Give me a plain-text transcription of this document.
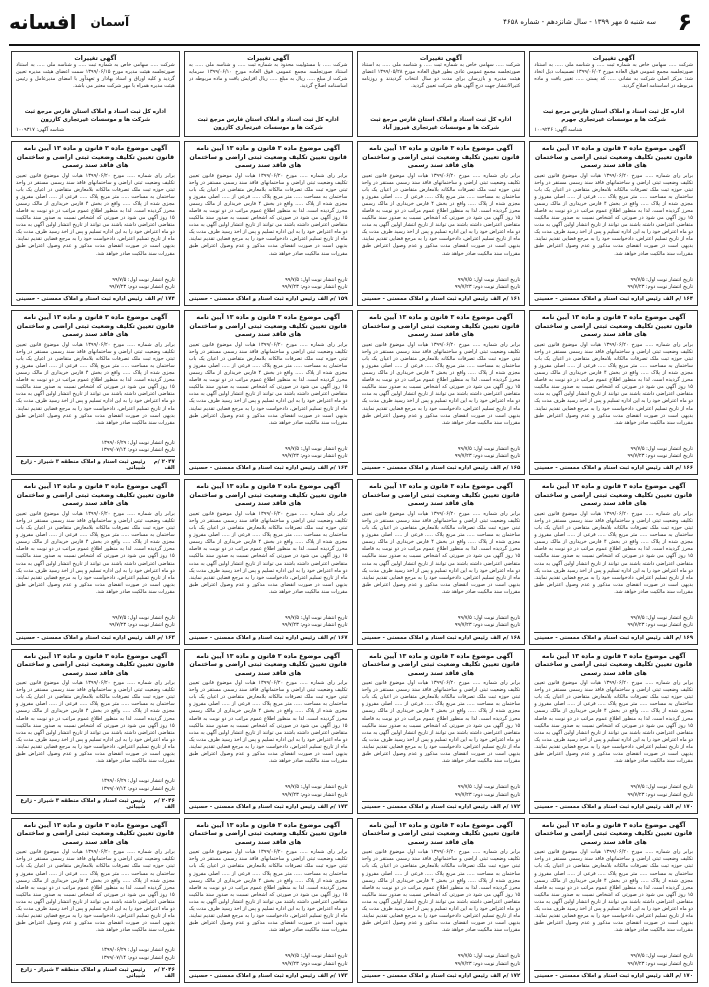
۶
سه شنبه ۵ مهر ۱۳۹۹ - سال شانزدهم - شماره ۴۶۵۸
آسمان
افسانه
آگهی تغییرات
شرکت ..... سهامی خاص به شماره ثبت ..... و شناسه ملی ..... به استناد صورتجلسه مجمع عمومی فوق العاده مورخ ۱۳۹۹/۰۶/۰۲ تصمیمات ذیل اتخاذ شد: مرکز اصلی شرکت به نشانی ..... کد پستی ..... تغییر یافت و ماده مربوطه در اساسنامه اصلاح گردید.
اداره کل ثبت اسناد و املاک استان فارس مرجع ثبت شرکت ها و موسسات غیرتجاری جهرم
شناسه آگهی: ۱۰۰۹۲۴۶
آگهی تغییرات
شرکت ..... سهامی خاص به شماره ثبت ..... و شناسه ملی ..... به استناد صورتجلسه مجمع عمومی عادی بطور فوق العاده مورخ ۱۳۹۹/۰۵/۲۸ اعضای هیئت مدیره و بازرسان برای مدت دو سال انتخاب گردیدند و روزنامه کثیرالانتشار جهت درج آگهی های شرکت تعیین گردید.
اداره کل ثبت اسناد و املاک استان فارس مرجع ثبت شرکت ها و موسسات غیرتجاری فیروز آباد
آگهی تغییرات
شرکت ..... با مسئولیت محدود به شماره ثبت ..... و شناسه ملی ..... به استناد صورتجلسه مجمع عمومی فوق العاده مورخ ۱۳۹۹/۰۶/۱۰ سرمایه شرکت از مبلغ ..... ریال به مبلغ ..... ریال افزایش یافت و ماده مربوطه در اساسنامه اصلاح گردید.
اداره کل ثبت اسناد و املاک استان فارس مرجع ثبت شرکت ها و موسسات غیرتجاری کازرون
آگهی تغییرات
شرکت ..... سهامی خاص به شماره ثبت ..... و شناسه ملی ..... به استناد صورتجلسه هیئت مدیره مورخ ۱۳۹۹/۰۶/۱۵ سمت اعضای هیئت مدیره تعیین گردید و کلیه اوراق و اسناد بهادار و تعهدآور با امضای مدیرعامل و رئیس هیئت مدیره همراه با مهر شرکت معتبر می باشد.
اداره کل ثبت اسناد و املاک استان فارس مرجع ثبت شرکت ها و موسسات غیرتجاری کازرون
شناسه آگهی: ۱۰۰۹۳۱۷
آگهی موضوع ماده ۳ قانون و ماده ۱۳ آیین نامه قانون تعیین تکلیف وضعیت ثبتی اراضی و ساختمان های فاقد سند رسمی
برابر رای شماره ..... مورخ ۱۳۹۹/۰۶/۲۰ هیات اول موضوع قانون تعیین تکلیف وضعیت ثبتی اراضی و ساختمانهای فاقد سند رسمی مستقر در واحد ثبتی حوزه ثبت ملک تصرفات مالکانه بلامعارض متقاضی در اعیان یک باب ساختمان به مساحت ..... متر مربع پلاک ..... فرعی از ..... اصلی مفروز و مجزی شده از پلاک ..... واقع در بخش ۴ فارس خریداری از مالک رسمی محرز گردیده است. لذا به منظور اطلاع عموم مراتب در دو نوبت به فاصله ۱۵ روز آگهی می شود در صورتی که اشخاص نسبت به صدور سند مالکیت متقاضی اعتراضی داشته باشند می توانند از تاریخ انتشار اولین آگهی به مدت دو ماه اعتراض خود را به این اداره تسلیم و پس از اخذ رسید ظرف مدت یک ماه از تاریخ تسلیم اعتراض، دادخواست خود را به مرجع قضایی تقدیم نمایند. بدیهی است در صورت انقضای مدت مذکور و عدم وصول اعتراض طبق مقررات سند مالکیت صادر خواهد شد.
تاریخ انتشار نوبت اول: ۹۹/۷/۵
تاریخ انتشار نوبت دوم: ۹۹/۷/۲۳
۱۶۴ /م الف
رئیس اداره ثبت اسناد و املاک ممسنی - حسینی
آگهی موضوع ماده ۳ قانون و ماده ۱۳ آیین نامه قانون تعیین تکلیف وضعیت ثبتی اراضی و ساختمان های فاقد سند رسمی
برابر رای شماره ..... مورخ ۱۳۹۹/۰۶/۲۰ هیات اول موضوع قانون تعیین تکلیف وضعیت ثبتی اراضی و ساختمانهای فاقد سند رسمی مستقر در واحد ثبتی حوزه ثبت ملک تصرفات مالکانه بلامعارض متقاضی در اعیان یک باب ساختمان به مساحت ..... متر مربع پلاک ..... فرعی از ..... اصلی مفروز و مجزی شده از پلاک ..... واقع در بخش ۴ فارس خریداری از مالک رسمی محرز گردیده است. لذا به منظور اطلاع عموم مراتب در دو نوبت به فاصله ۱۵ روز آگهی می شود در صورتی که اشخاص نسبت به صدور سند مالکیت متقاضی اعتراضی داشته باشند می توانند از تاریخ انتشار اولین آگهی به مدت دو ماه اعتراض خود را به این اداره تسلیم و پس از اخذ رسید ظرف مدت یک ماه از تاریخ تسلیم اعتراض، دادخواست خود را به مرجع قضایی تقدیم نمایند. بدیهی است در صورت انقضای مدت مذکور و عدم وصول اعتراض طبق مقررات سند مالکیت صادر خواهد شد.
تاریخ انتشار نوبت اول: ۹۹/۷/۵
تاریخ انتشار نوبت دوم: ۹۹/۷/۲۳
۱۶۱ /م الف
رئیس اداره ثبت اسناد و املاک ممسنی - حسینی
آگهی موضوع ماده ۳ قانون و ماده ۱۳ آیین نامه قانون تعیین تکلیف وضعیت ثبتی اراضی و ساختمان های فاقد سند رسمی
برابر رای شماره ..... مورخ ۱۳۹۹/۰۶/۲۰ هیات اول موضوع قانون تعیین تکلیف وضعیت ثبتی اراضی و ساختمانهای فاقد سند رسمی مستقر در واحد ثبتی حوزه ثبت ملک تصرفات مالکانه بلامعارض متقاضی در اعیان یک باب ساختمان به مساحت ..... متر مربع پلاک ..... فرعی از ..... اصلی مفروز و مجزی شده از پلاک ..... واقع در بخش ۴ فارس خریداری از مالک رسمی محرز گردیده است. لذا به منظور اطلاع عموم مراتب در دو نوبت به فاصله ۱۵ روز آگهی می شود در صورتی که اشخاص نسبت به صدور سند مالکیت متقاضی اعتراضی داشته باشند می توانند از تاریخ انتشار اولین آگهی به مدت دو ماه اعتراض خود را به این اداره تسلیم و پس از اخذ رسید ظرف مدت یک ماه از تاریخ تسلیم اعتراض، دادخواست خود را به مرجع قضایی تقدیم نمایند. بدیهی است در صورت انقضای مدت مذکور و عدم وصول اعتراض طبق مقررات سند مالکیت صادر خواهد شد.
تاریخ انتشار نوبت اول: ۹۹/۷/۵
تاریخ انتشار نوبت دوم: ۹۹/۷/۲۳
۱۵۹ /م الف
رئیس اداره ثبت اسناد و املاک ممسنی - حسینی
آگهی موضوع ماده ۳ قانون و ماده ۱۳ آیین نامه قانون تعیین تکلیف وضعیت ثبتی اراضی و ساختمان های فاقد سند رسمی
برابر رای شماره ..... مورخ ۱۳۹۹/۰۶/۲۰ هیات اول موضوع قانون تعیین تکلیف وضعیت ثبتی اراضی و ساختمانهای فاقد سند رسمی مستقر در واحد ثبتی حوزه ثبت ملک تصرفات مالکانه بلامعارض متقاضی در اعیان یک باب ساختمان به مساحت ..... متر مربع پلاک ..... فرعی از ..... اصلی مفروز و مجزی شده از پلاک ..... واقع در بخش ۴ فارس خریداری از مالک رسمی محرز گردیده است. لذا به منظور اطلاع عموم مراتب در دو نوبت به فاصله ۱۵ روز آگهی می شود در صورتی که اشخاص نسبت به صدور سند مالکیت متقاضی اعتراضی داشته باشند می توانند از تاریخ انتشار اولین آگهی به مدت دو ماه اعتراض خود را به این اداره تسلیم و پس از اخذ رسید ظرف مدت یک ماه از تاریخ تسلیم اعتراض، دادخواست خود را به مرجع قضایی تقدیم نمایند. بدیهی است در صورت انقضای مدت مذکور و عدم وصول اعتراض طبق مقررات سند مالکیت صادر خواهد شد.
تاریخ انتشار نوبت اول: ۹۹/۷/۵
تاریخ انتشار نوبت دوم: ۹۹/۷/۲۳
۱۷۴ /م الف
رئیس اداره ثبت اسناد و املاک ممسنی - حسینی
آگهی موضوع ماده ۳ قانون و ماده ۱۳ آیین نامه قانون تعیین تکلیف وضعیت ثبتی اراضی و ساختمان های فاقد سند رسمی
برابر رای شماره ..... مورخ ۱۳۹۹/۰۶/۲۰ هیات اول موضوع قانون تعیین تکلیف وضعیت ثبتی اراضی و ساختمانهای فاقد سند رسمی مستقر در واحد ثبتی حوزه ثبت ملک تصرفات مالکانه بلامعارض متقاضی در اعیان یک باب ساختمان به مساحت ..... متر مربع پلاک ..... فرعی از ..... اصلی مفروز و مجزی شده از پلاک ..... واقع در بخش ۴ فارس خریداری از مالک رسمی محرز گردیده است. لذا به منظور اطلاع عموم مراتب در دو نوبت به فاصله ۱۵ روز آگهی می شود در صورتی که اشخاص نسبت به صدور سند مالکیت متقاضی اعتراضی داشته باشند می توانند از تاریخ انتشار اولین آگهی به مدت دو ماه اعتراض خود را به این اداره تسلیم و پس از اخذ رسید ظرف مدت یک ماه از تاریخ تسلیم اعتراض، دادخواست خود را به مرجع قضایی تقدیم نمایند. بدیهی است در صورت انقضای مدت مذکور و عدم وصول اعتراض طبق مقررات سند مالکیت صادر خواهد شد.
تاریخ انتشار نوبت اول: ۹۹/۷/۵
تاریخ انتشار نوبت دوم: ۹۹/۷/۲۳
۱۶۶ /م الف
رئیس اداره ثبت اسناد و املاک ممسنی - حسینی
آگهی موضوع ماده ۳ قانون و ماده ۱۳ آیین نامه قانون تعیین تکلیف وضعیت ثبتی اراضی و ساختمان های فاقد سند رسمی
برابر رای شماره ..... مورخ ۱۳۹۹/۰۶/۲۰ هیات اول موضوع قانون تعیین تکلیف وضعیت ثبتی اراضی و ساختمانهای فاقد سند رسمی مستقر در واحد ثبتی حوزه ثبت ملک تصرفات مالکانه بلامعارض متقاضی در اعیان یک باب ساختمان به مساحت ..... متر مربع پلاک ..... فرعی از ..... اصلی مفروز و مجزی شده از پلاک ..... واقع در بخش ۴ فارس خریداری از مالک رسمی محرز گردیده است. لذا به منظور اطلاع عموم مراتب در دو نوبت به فاصله ۱۵ روز آگهی می شود در صورتی که اشخاص نسبت به صدور سند مالکیت متقاضی اعتراضی داشته باشند می توانند از تاریخ انتشار اولین آگهی به مدت دو ماه اعتراض خود را به این اداره تسلیم و پس از اخذ رسید ظرف مدت یک ماه از تاریخ تسلیم اعتراض، دادخواست خود را به مرجع قضایی تقدیم نمایند. بدیهی است در صورت انقضای مدت مذکور و عدم وصول اعتراض طبق مقررات سند مالکیت صادر خواهد شد.
تاریخ انتشار نوبت اول: ۹۹/۷/۵
تاریخ انتشار نوبت دوم: ۹۹/۷/۲۳
۱۶۵ /م الف
رئیس اداره ثبت اسناد و املاک ممسنی - حسینی
آگهی موضوع ماده ۳ قانون و ماده ۱۳ آیین نامه قانون تعیین تکلیف وضعیت ثبتی اراضی و ساختمان های فاقد سند رسمی
برابر رای شماره ..... مورخ ۱۳۹۹/۰۶/۲۰ هیات اول موضوع قانون تعیین تکلیف وضعیت ثبتی اراضی و ساختمانهای فاقد سند رسمی مستقر در واحد ثبتی حوزه ثبت ملک تصرفات مالکانه بلامعارض متقاضی در اعیان یک باب ساختمان به مساحت ..... متر مربع پلاک ..... فرعی از ..... اصلی مفروز و مجزی شده از پلاک ..... واقع در بخش ۴ فارس خریداری از مالک رسمی محرز گردیده است. لذا به منظور اطلاع عموم مراتب در دو نوبت به فاصله ۱۵ روز آگهی می شود در صورتی که اشخاص نسبت به صدور سند مالکیت متقاضی اعتراضی داشته باشند می توانند از تاریخ انتشار اولین آگهی به مدت دو ماه اعتراض خود را به این اداره تسلیم و پس از اخذ رسید ظرف مدت یک ماه از تاریخ تسلیم اعتراض، دادخواست خود را به مرجع قضایی تقدیم نمایند. بدیهی است در صورت انقضای مدت مذکور و عدم وصول اعتراض طبق مقررات سند مالکیت صادر خواهد شد.
تاریخ انتشار نوبت اول: ۹۹/۷/۵
تاریخ انتشار نوبت دوم: ۹۹/۷/۲۳
۱۶۴ /م الف
رئیس اداره ثبت اسناد و املاک ممسنی - حسینی
آگهی موضوع ماده ۳ قانون و ماده ۱۳ آیین نامه قانون تعیین تکلیف وضعیت ثبتی اراضی و ساختمان های فاقد سند رسمی
برابر رای شماره ..... مورخ ۱۳۹۹/۰۶/۲۰ هیات اول موضوع قانون تعیین تکلیف وضعیت ثبتی اراضی و ساختمانهای فاقد سند رسمی مستقر در واحد ثبتی حوزه ثبت ملک تصرفات مالکانه بلامعارض متقاضی در اعیان یک باب ساختمان به مساحت ..... متر مربع پلاک ..... فرعی از ..... اصلی مفروز و مجزی شده از پلاک ..... واقع در بخش ۴ فارس خریداری از مالک رسمی محرز گردیده است. لذا به منظور اطلاع عموم مراتب در دو نوبت به فاصله ۱۵ روز آگهی می شود در صورتی که اشخاص نسبت به صدور سند مالکیت متقاضی اعتراضی داشته باشند می توانند از تاریخ انتشار اولین آگهی به مدت دو ماه اعتراض خود را به این اداره تسلیم و پس از اخذ رسید ظرف مدت یک ماه از تاریخ تسلیم اعتراض، دادخواست خود را به مرجع قضایی تقدیم نمایند. بدیهی است در صورت انقضای مدت مذکور و عدم وصول اعتراض طبق مقررات سند مالکیت صادر خواهد شد.
تاریخ انتشار نوبت اول: ۱۳۹۹/۰۶/۲۹
تاریخ انتشار نوبت دوم: ۱۳۹۹/۰۷/۱۴
۲۰۴۷ /م الف
رئیس ثبت اسناد و املاک منطقه ۳ شیراز - زارع شیبانی
آگهی موضوع ماده ۳ قانون و ماده ۱۳ آیین نامه قانون تعیین تکلیف وضعیت ثبتی اراضی و ساختمان های فاقد سند رسمی
برابر رای شماره ..... مورخ ۱۳۹۹/۰۶/۲۰ هیات اول موضوع قانون تعیین تکلیف وضعیت ثبتی اراضی و ساختمانهای فاقد سند رسمی مستقر در واحد ثبتی حوزه ثبت ملک تصرفات مالکانه بلامعارض متقاضی در اعیان یک باب ساختمان به مساحت ..... متر مربع پلاک ..... فرعی از ..... اصلی مفروز و مجزی شده از پلاک ..... واقع در بخش ۴ فارس خریداری از مالک رسمی محرز گردیده است. لذا به منظور اطلاع عموم مراتب در دو نوبت به فاصله ۱۵ روز آگهی می شود در صورتی که اشخاص نسبت به صدور سند مالکیت متقاضی اعتراضی داشته باشند می توانند از تاریخ انتشار اولین آگهی به مدت دو ماه اعتراض خود را به این اداره تسلیم و پس از اخذ رسید ظرف مدت یک ماه از تاریخ تسلیم اعتراض، دادخواست خود را به مرجع قضایی تقدیم نمایند. بدیهی است در صورت انقضای مدت مذکور و عدم وصول اعتراض طبق مقررات سند مالکیت صادر خواهد شد.
تاریخ انتشار نوبت اول: ۹۹/۷/۵
تاریخ انتشار نوبت دوم: ۹۹/۷/۲۳
۱۶۹ /م الف
رئیس اداره ثبت اسناد و املاک ممسنی - حسینی
آگهی موضوع ماده ۳ قانون و ماده ۱۳ آیین نامه قانون تعیین تکلیف وضعیت ثبتی اراضی و ساختمان های فاقد سند رسمی
برابر رای شماره ..... مورخ ۱۳۹۹/۰۶/۲۰ هیات اول موضوع قانون تعیین تکلیف وضعیت ثبتی اراضی و ساختمانهای فاقد سند رسمی مستقر در واحد ثبتی حوزه ثبت ملک تصرفات مالکانه بلامعارض متقاضی در اعیان یک باب ساختمان به مساحت ..... متر مربع پلاک ..... فرعی از ..... اصلی مفروز و مجزی شده از پلاک ..... واقع در بخش ۴ فارس خریداری از مالک رسمی محرز گردیده است. لذا به منظور اطلاع عموم مراتب در دو نوبت به فاصله ۱۵ روز آگهی می شود در صورتی که اشخاص نسبت به صدور سند مالکیت متقاضی اعتراضی داشته باشند می توانند از تاریخ انتشار اولین آگهی به مدت دو ماه اعتراض خود را به این اداره تسلیم و پس از اخذ رسید ظرف مدت یک ماه از تاریخ تسلیم اعتراض، دادخواست خود را به مرجع قضایی تقدیم نمایند. بدیهی است در صورت انقضای مدت مذکور و عدم وصول اعتراض طبق مقررات سند مالکیت صادر خواهد شد.
تاریخ انتشار نوبت اول: ۹۹/۷/۵
تاریخ انتشار نوبت دوم: ۹۹/۷/۲۳
۱۶۸ /م الف
رئیس اداره ثبت اسناد و املاک ممسنی - حسینی
آگهی موضوع ماده ۳ قانون و ماده ۱۳ آیین نامه قانون تعیین تکلیف وضعیت ثبتی اراضی و ساختمان های فاقد سند رسمی
برابر رای شماره ..... مورخ ۱۳۹۹/۰۶/۲۰ هیات اول موضوع قانون تعیین تکلیف وضعیت ثبتی اراضی و ساختمانهای فاقد سند رسمی مستقر در واحد ثبتی حوزه ثبت ملک تصرفات مالکانه بلامعارض متقاضی در اعیان یک باب ساختمان به مساحت ..... متر مربع پلاک ..... فرعی از ..... اصلی مفروز و مجزی شده از پلاک ..... واقع در بخش ۴ فارس خریداری از مالک رسمی محرز گردیده است. لذا به منظور اطلاع عموم مراتب در دو نوبت به فاصله ۱۵ روز آگهی می شود در صورتی که اشخاص نسبت به صدور سند مالکیت متقاضی اعتراضی داشته باشند می توانند از تاریخ انتشار اولین آگهی به مدت دو ماه اعتراض خود را به این اداره تسلیم و پس از اخذ رسید ظرف مدت یک ماه از تاریخ تسلیم اعتراض، دادخواست خود را به مرجع قضایی تقدیم نمایند. بدیهی است در صورت انقضای مدت مذکور و عدم وصول اعتراض طبق مقررات سند مالکیت صادر خواهد شد.
تاریخ انتشار نوبت اول: ۹۹/۷/۵
تاریخ انتشار نوبت دوم: ۹۹/۷/۲۳
۱۶۷ /م الف
رئیس اداره ثبت اسناد و املاک ممسنی - حسینی
آگهی موضوع ماده ۳ قانون و ماده ۱۳ آیین نامه قانون تعیین تکلیف وضعیت ثبتی اراضی و ساختمان های فاقد سند رسمی
برابر رای شماره ..... مورخ ۱۳۹۹/۰۶/۲۰ هیات اول موضوع قانون تعیین تکلیف وضعیت ثبتی اراضی و ساختمانهای فاقد سند رسمی مستقر در واحد ثبتی حوزه ثبت ملک تصرفات مالکانه بلامعارض متقاضی در اعیان یک باب ساختمان به مساحت ..... متر مربع پلاک ..... فرعی از ..... اصلی مفروز و مجزی شده از پلاک ..... واقع در بخش ۴ فارس خریداری از مالک رسمی محرز گردیده است. لذا به منظور اطلاع عموم مراتب در دو نوبت به فاصله ۱۵ روز آگهی می شود در صورتی که اشخاص نسبت به صدور سند مالکیت متقاضی اعتراضی داشته باشند می توانند از تاریخ انتشار اولین آگهی به مدت دو ماه اعتراض خود را به این اداره تسلیم و پس از اخذ رسید ظرف مدت یک ماه از تاریخ تسلیم اعتراض، دادخواست خود را به مرجع قضایی تقدیم نمایند. بدیهی است در صورت انقضای مدت مذکور و عدم وصول اعتراض طبق مقررات سند مالکیت صادر خواهد شد.
تاریخ انتشار نوبت اول: ۹۹/۷/۵
تاریخ انتشار نوبت دوم: ۹۹/۷/۲۳
۱۶۳ /م الف
رئیس اداره ثبت اسناد و املاک ممسنی - حسینی
آگهی موضوع ماده ۳ قانون و ماده ۱۳ آیین نامه قانون تعیین تکلیف وضعیت ثبتی اراضی و ساختمان های فاقد سند رسمی
برابر رای شماره ..... مورخ ۱۳۹۹/۰۶/۲۰ هیات اول موضوع قانون تعیین تکلیف وضعیت ثبتی اراضی و ساختمانهای فاقد سند رسمی مستقر در واحد ثبتی حوزه ثبت ملک تصرفات مالکانه بلامعارض متقاضی در اعیان یک باب ساختمان به مساحت ..... متر مربع پلاک ..... فرعی از ..... اصلی مفروز و مجزی شده از پلاک ..... واقع در بخش ۴ فارس خریداری از مالک رسمی محرز گردیده است. لذا به منظور اطلاع عموم مراتب در دو نوبت به فاصله ۱۵ روز آگهی می شود در صورتی که اشخاص نسبت به صدور سند مالکیت متقاضی اعتراضی داشته باشند می توانند از تاریخ انتشار اولین آگهی به مدت دو ماه اعتراض خود را به این اداره تسلیم و پس از اخذ رسید ظرف مدت یک ماه از تاریخ تسلیم اعتراض، دادخواست خود را به مرجع قضایی تقدیم نمایند. بدیهی است در صورت انقضای مدت مذکور و عدم وصول اعتراض طبق مقررات سند مالکیت صادر خواهد شد.
تاریخ انتشار نوبت اول: ۹۹/۷/۵
تاریخ انتشار نوبت دوم: ۹۹/۷/۲۳
۱۷۰ /م الف
رئیس اداره ثبت اسناد و املاک ممسنی - حسینی
آگهی موضوع ماده ۳ قانون و ماده ۱۳ آیین نامه قانون تعیین تکلیف وضعیت ثبتی اراضی و ساختمان های فاقد سند رسمی
برابر رای شماره ..... مورخ ۱۳۹۹/۰۶/۲۰ هیات اول موضوع قانون تعیین تکلیف وضعیت ثبتی اراضی و ساختمانهای فاقد سند رسمی مستقر در واحد ثبتی حوزه ثبت ملک تصرفات مالکانه بلامعارض متقاضی در اعیان یک باب ساختمان به مساحت ..... متر مربع پلاک ..... فرعی از ..... اصلی مفروز و مجزی شده از پلاک ..... واقع در بخش ۴ فارس خریداری از مالک رسمی محرز گردیده است. لذا به منظور اطلاع عموم مراتب در دو نوبت به فاصله ۱۵ روز آگهی می شود در صورتی که اشخاص نسبت به صدور سند مالکیت متقاضی اعتراضی داشته باشند می توانند از تاریخ انتشار اولین آگهی به مدت دو ماه اعتراض خود را به این اداره تسلیم و پس از اخذ رسید ظرف مدت یک ماه از تاریخ تسلیم اعتراض، دادخواست خود را به مرجع قضایی تقدیم نمایند. بدیهی است در صورت انقضای مدت مذکور و عدم وصول اعتراض طبق مقررات سند مالکیت صادر خواهد شد.
تاریخ انتشار نوبت اول: ۹۹/۷/۵
تاریخ انتشار نوبت دوم: ۹۹/۷/۲۳
۱۷۲ /م الف
رئیس اداره ثبت اسناد و املاک ممسنی - حسینی
آگهی موضوع ماده ۳ قانون و ماده ۱۳ آیین نامه قانون تعیین تکلیف وضعیت ثبتی اراضی و ساختمان های فاقد سند رسمی
برابر رای شماره ..... مورخ ۱۳۹۹/۰۶/۲۰ هیات اول موضوع قانون تعیین تکلیف وضعیت ثبتی اراضی و ساختمانهای فاقد سند رسمی مستقر در واحد ثبتی حوزه ثبت ملک تصرفات مالکانه بلامعارض متقاضی در اعیان یک باب ساختمان به مساحت ..... متر مربع پلاک ..... فرعی از ..... اصلی مفروز و مجزی شده از پلاک ..... واقع در بخش ۴ فارس خریداری از مالک رسمی محرز گردیده است. لذا به منظور اطلاع عموم مراتب در دو نوبت به فاصله ۱۵ روز آگهی می شود در صورتی که اشخاص نسبت به صدور سند مالکیت متقاضی اعتراضی داشته باشند می توانند از تاریخ انتشار اولین آگهی به مدت دو ماه اعتراض خود را به این اداره تسلیم و پس از اخذ رسید ظرف مدت یک ماه از تاریخ تسلیم اعتراض، دادخواست خود را به مرجع قضایی تقدیم نمایند. بدیهی است در صورت انقضای مدت مذکور و عدم وصول اعتراض طبق مقررات سند مالکیت صادر خواهد شد.
تاریخ انتشار نوبت اول: ۹۹/۷/۵
تاریخ انتشار نوبت دوم: ۹۹/۷/۲۳
۱۷۳ /م الف
رئیس اداره ثبت اسناد و املاک ممسنی - حسینی
آگهی موضوع ماده ۳ قانون و ماده ۱۳ آیین نامه قانون تعیین تکلیف وضعیت ثبتی اراضی و ساختمان های فاقد سند رسمی
برابر رای شماره ..... مورخ ۱۳۹۹/۰۶/۲۰ هیات اول موضوع قانون تعیین تکلیف وضعیت ثبتی اراضی و ساختمانهای فاقد سند رسمی مستقر در واحد ثبتی حوزه ثبت ملک تصرفات مالکانه بلامعارض متقاضی در اعیان یک باب ساختمان به مساحت ..... متر مربع پلاک ..... فرعی از ..... اصلی مفروز و مجزی شده از پلاک ..... واقع در بخش ۴ فارس خریداری از مالک رسمی محرز گردیده است. لذا به منظور اطلاع عموم مراتب در دو نوبت به فاصله ۱۵ روز آگهی می شود در صورتی که اشخاص نسبت به صدور سند مالکیت متقاضی اعتراضی داشته باشند می توانند از تاریخ انتشار اولین آگهی به مدت دو ماه اعتراض خود را به این اداره تسلیم و پس از اخذ رسید ظرف مدت یک ماه از تاریخ تسلیم اعتراض، دادخواست خود را به مرجع قضایی تقدیم نمایند. بدیهی است در صورت انقضای مدت مذکور و عدم وصول اعتراض طبق مقررات سند مالکیت صادر خواهد شد.
تاریخ انتشار نوبت اول: ۱۳۹۹/۰۶/۲۹
تاریخ انتشار نوبت دوم: ۱۳۹۹/۰۷/۱۴
۲۰۴۶ /م الف
رئیس ثبت اسناد و املاک منطقه ۳ شیراز - زارع شیبانی
آگهی موضوع ماده ۳ قانون و ماده ۱۳ آیین نامه قانون تعیین تکلیف وضعیت ثبتی اراضی و ساختمان های فاقد سند رسمی
برابر رای شماره ..... مورخ ۱۳۹۹/۰۶/۲۰ هیات اول موضوع قانون تعیین تکلیف وضعیت ثبتی اراضی و ساختمانهای فاقد سند رسمی مستقر در واحد ثبتی حوزه ثبت ملک تصرفات مالکانه بلامعارض متقاضی در اعیان یک باب ساختمان به مساحت ..... متر مربع پلاک ..... فرعی از ..... اصلی مفروز و مجزی شده از پلاک ..... واقع در بخش ۴ فارس خریداری از مالک رسمی محرز گردیده است. لذا به منظور اطلاع عموم مراتب در دو نوبت به فاصله ۱۵ روز آگهی می شود در صورتی که اشخاص نسبت به صدور سند مالکیت متقاضی اعتراضی داشته باشند می توانند از تاریخ انتشار اولین آگهی به مدت دو ماه اعتراض خود را به این اداره تسلیم و پس از اخذ رسید ظرف مدت یک ماه از تاریخ تسلیم اعتراض، دادخواست خود را به مرجع قضایی تقدیم نمایند. بدیهی است در صورت انقضای مدت مذکور و عدم وصول اعتراض طبق مقررات سند مالکیت صادر خواهد شد.
تاریخ انتشار نوبت اول: ۹۹/۷/۵
تاریخ انتشار نوبت دوم: ۹۹/۷/۲۳
۱۷۰ /م الف
رئیس اداره ثبت اسناد و املاک ممسنی - حسینی
آگهی موضوع ماده ۳ قانون و ماده ۱۳ آیین نامه قانون تعیین تکلیف وضعیت ثبتی اراضی و ساختمان های فاقد سند رسمی
برابر رای شماره ..... مورخ ۱۳۹۹/۰۶/۲۰ هیات اول موضوع قانون تعیین تکلیف وضعیت ثبتی اراضی و ساختمانهای فاقد سند رسمی مستقر در واحد ثبتی حوزه ثبت ملک تصرفات مالکانه بلامعارض متقاضی در اعیان یک باب ساختمان به مساحت ..... متر مربع پلاک ..... فرعی از ..... اصلی مفروز و مجزی شده از پلاک ..... واقع در بخش ۴ فارس خریداری از مالک رسمی محرز گردیده است. لذا به منظور اطلاع عموم مراتب در دو نوبت به فاصله ۱۵ روز آگهی می شود در صورتی که اشخاص نسبت به صدور سند مالکیت متقاضی اعتراضی داشته باشند می توانند از تاریخ انتشار اولین آگهی به مدت دو ماه اعتراض خود را به این اداره تسلیم و پس از اخذ رسید ظرف مدت یک ماه از تاریخ تسلیم اعتراض، دادخواست خود را به مرجع قضایی تقدیم نمایند. بدیهی است در صورت انقضای مدت مذکور و عدم وصول اعتراض طبق مقررات سند مالکیت صادر خواهد شد.
تاریخ انتشار نوبت اول: ۹۹/۷/۵
تاریخ انتشار نوبت دوم: ۹۹/۷/۲۳
۱۷۲ /م الف
رئیس اداره ثبت اسناد و املاک ممسنی - حسینی
آگهی موضوع ماده ۳ قانون و ماده ۱۳ آیین نامه قانون تعیین تکلیف وضعیت ثبتی اراضی و ساختمان های فاقد سند رسمی
برابر رای شماره ..... مورخ ۱۳۹۹/۰۶/۲۰ هیات اول موضوع قانون تعیین تکلیف وضعیت ثبتی اراضی و ساختمانهای فاقد سند رسمی مستقر در واحد ثبتی حوزه ثبت ملک تصرفات مالکانه بلامعارض متقاضی در اعیان یک باب ساختمان به مساحت ..... متر مربع پلاک ..... فرعی از ..... اصلی مفروز و مجزی شده از پلاک ..... واقع در بخش ۴ فارس خریداری از مالک رسمی محرز گردیده است. لذا به منظور اطلاع عموم مراتب در دو نوبت به فاصله ۱۵ روز آگهی می شود در صورتی که اشخاص نسبت به صدور سند مالکیت متقاضی اعتراضی داشته باشند می توانند از تاریخ انتشار اولین آگهی به مدت دو ماه اعتراض خود را به این اداره تسلیم و پس از اخذ رسید ظرف مدت یک ماه از تاریخ تسلیم اعتراض، دادخواست خود را به مرجع قضایی تقدیم نمایند. بدیهی است در صورت انقضای مدت مذکور و عدم وصول اعتراض طبق مقررات سند مالکیت صادر خواهد شد.
تاریخ انتشار نوبت اول: ۹۹/۷/۵
تاریخ انتشار نوبت دوم: ۹۹/۷/۲۳
۱۷۳ /م الف
رئیس اداره ثبت اسناد و املاک ممسنی - حسینی
آگهی موضوع ماده ۳ قانون و ماده ۱۳ آیین نامه قانون تعیین تکلیف وضعیت ثبتی اراضی و ساختمان های فاقد سند رسمی
برابر رای شماره ..... مورخ ۱۳۹۹/۰۶/۲۰ هیات اول موضوع قانون تعیین تکلیف وضعیت ثبتی اراضی و ساختمانهای فاقد سند رسمی مستقر در واحد ثبتی حوزه ثبت ملک تصرفات مالکانه بلامعارض متقاضی در اعیان یک باب ساختمان به مساحت ..... متر مربع پلاک ..... فرعی از ..... اصلی مفروز و مجزی شده از پلاک ..... واقع در بخش ۴ فارس خریداری از مالک رسمی محرز گردیده است. لذا به منظور اطلاع عموم مراتب در دو نوبت به فاصله ۱۵ روز آگهی می شود در صورتی که اشخاص نسبت به صدور سند مالکیت متقاضی اعتراضی داشته باشند می توانند از تاریخ انتشار اولین آگهی به مدت دو ماه اعتراض خود را به این اداره تسلیم و پس از اخذ رسید ظرف مدت یک ماه از تاریخ تسلیم اعتراض، دادخواست خود را به مرجع قضایی تقدیم نمایند. بدیهی است در صورت انقضای مدت مذکور و عدم وصول اعتراض طبق مقررات سند مالکیت صادر خواهد شد.
تاریخ انتشار نوبت اول: ۱۳۹۹/۰۶/۲۹
تاریخ انتشار نوبت دوم: ۱۳۹۹/۰۷/۱۴
۲۰۴۶ /م الف
رئیس ثبت اسناد و املاک منطقه ۳ شیراز - زارع شیبانی
